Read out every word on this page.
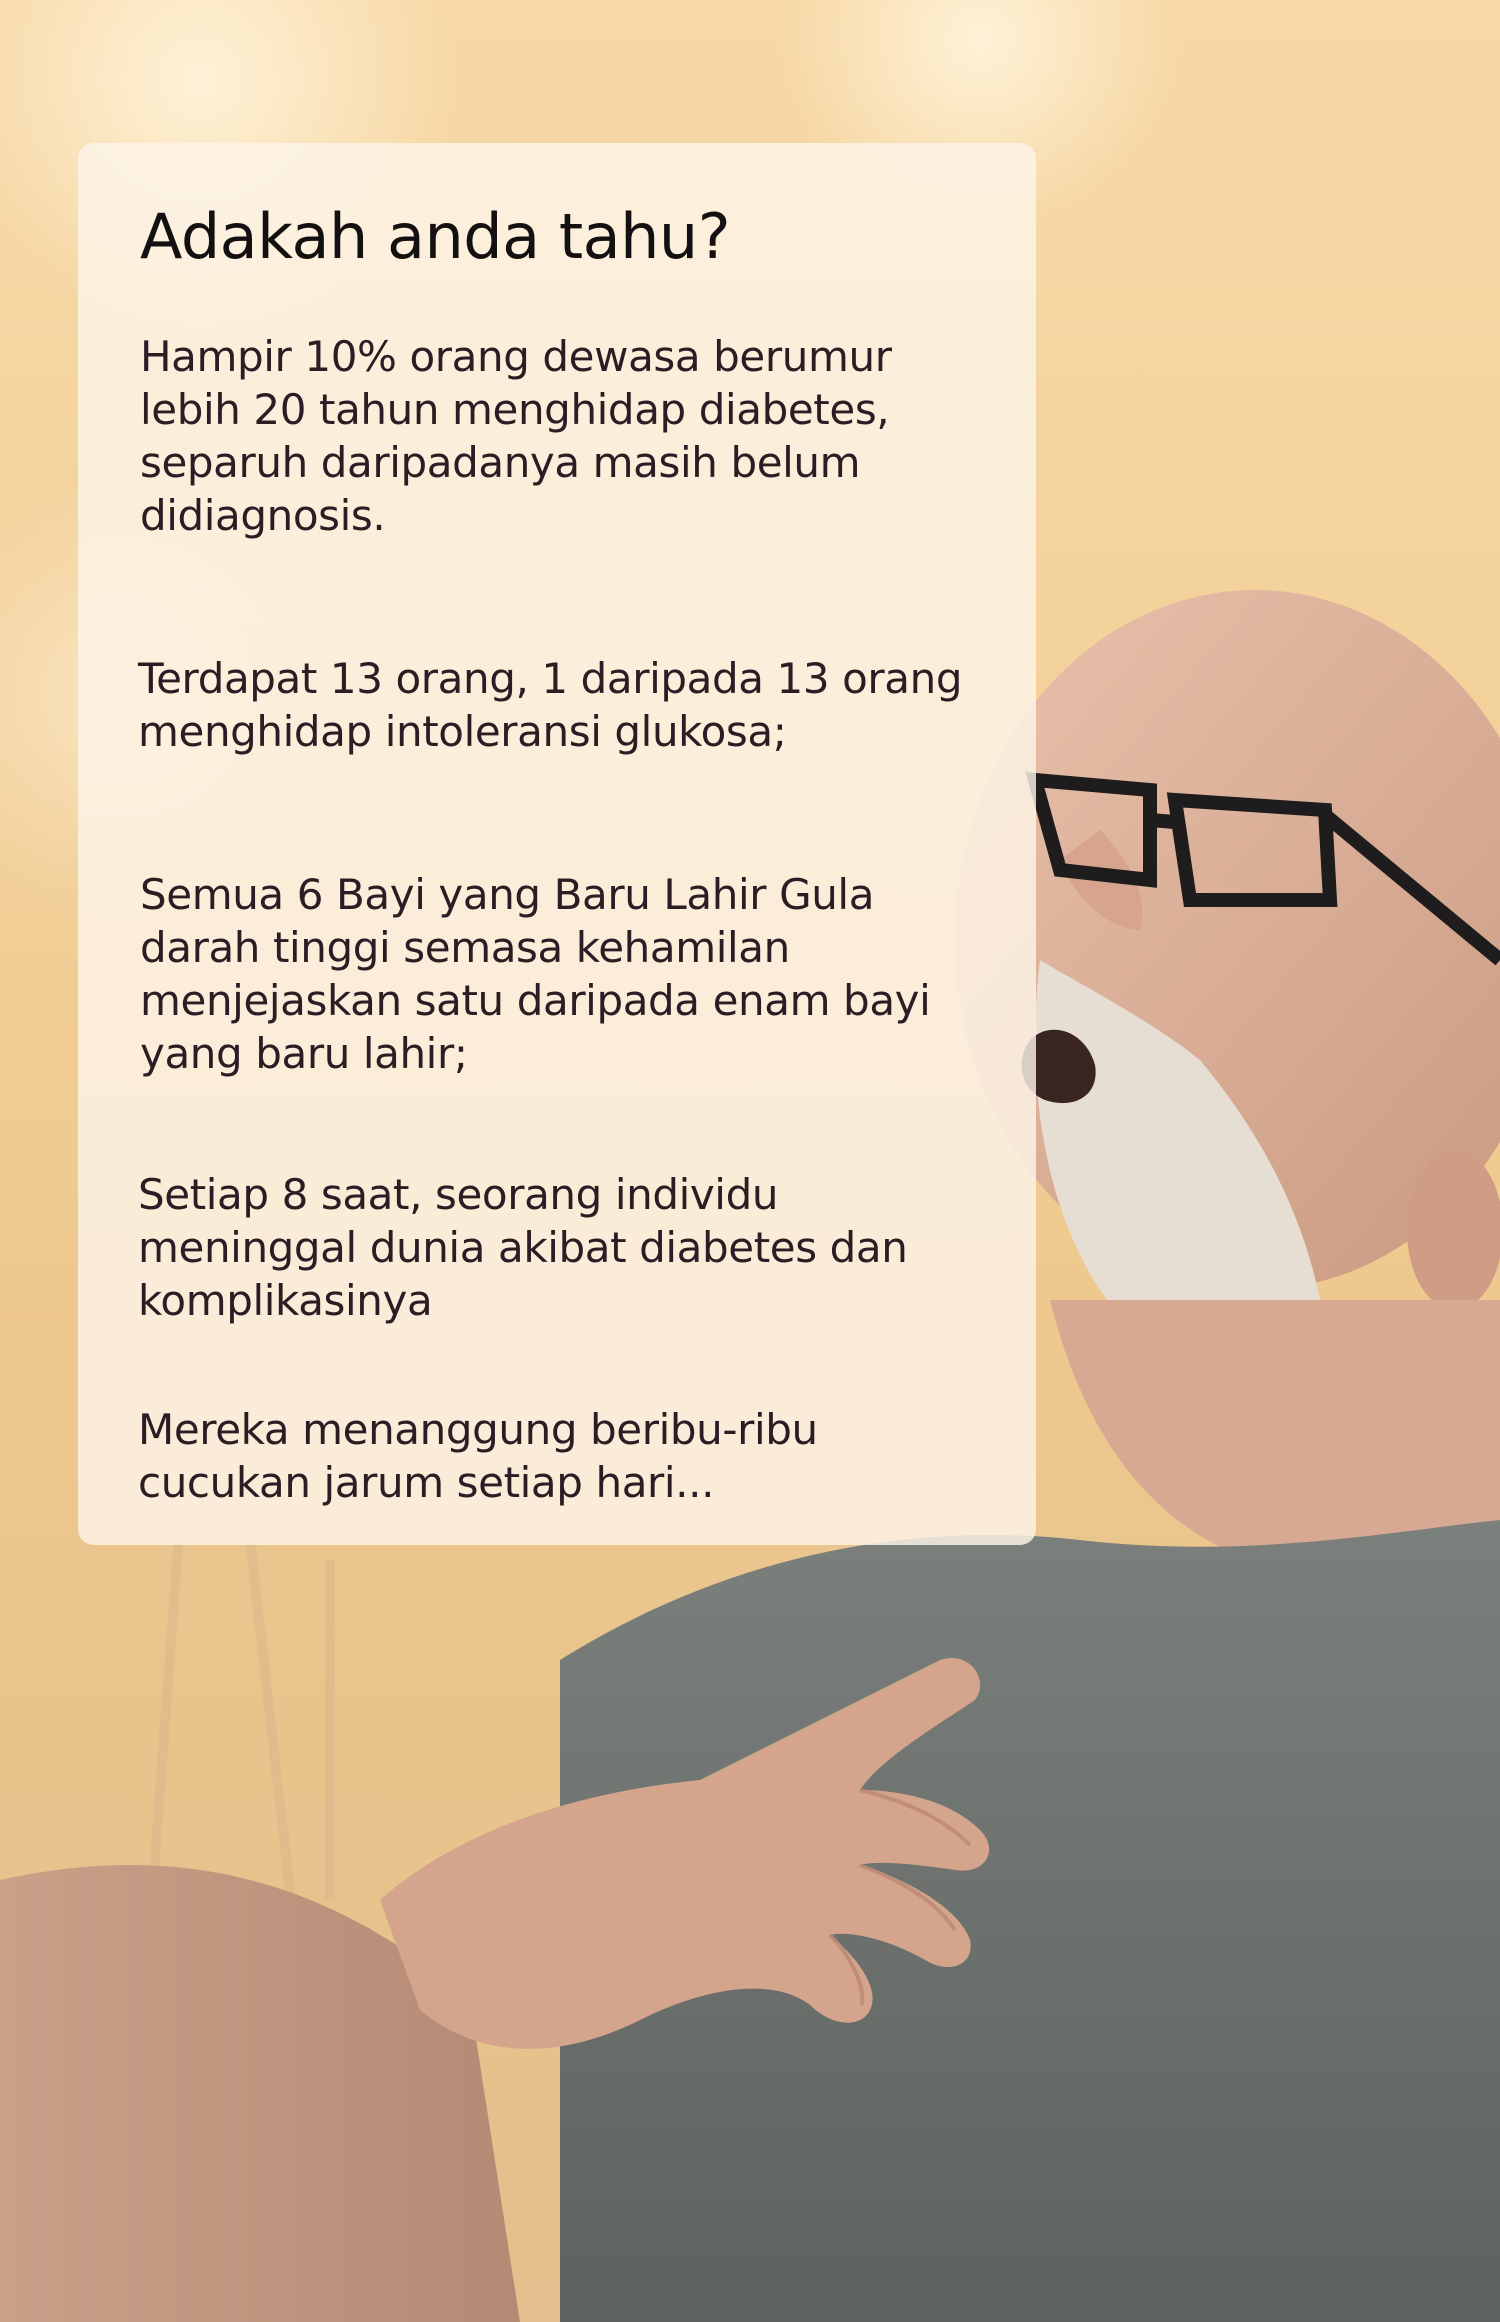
Adakah anda tahu?

Hampir 10% orang dewasa berumur lebih 20 tahun menghidap diabetes, separuh daripadanya masih belum didiagnosis.

Terdapat 13 orang, 1 daripada 13 orang menghidap intoleransi glukosa;

Semua 6 Bayi yang Baru Lahir Gula darah tinggi semasa kehamilan menjejaskan satu daripada enam bayi yang baru lahir;

Setiap 8 saat, seorang individu meninggal dunia akibat diabetes dan komplikasinya

Mereka menanggung beribu-ribu cucukan jarum setiap hari...
